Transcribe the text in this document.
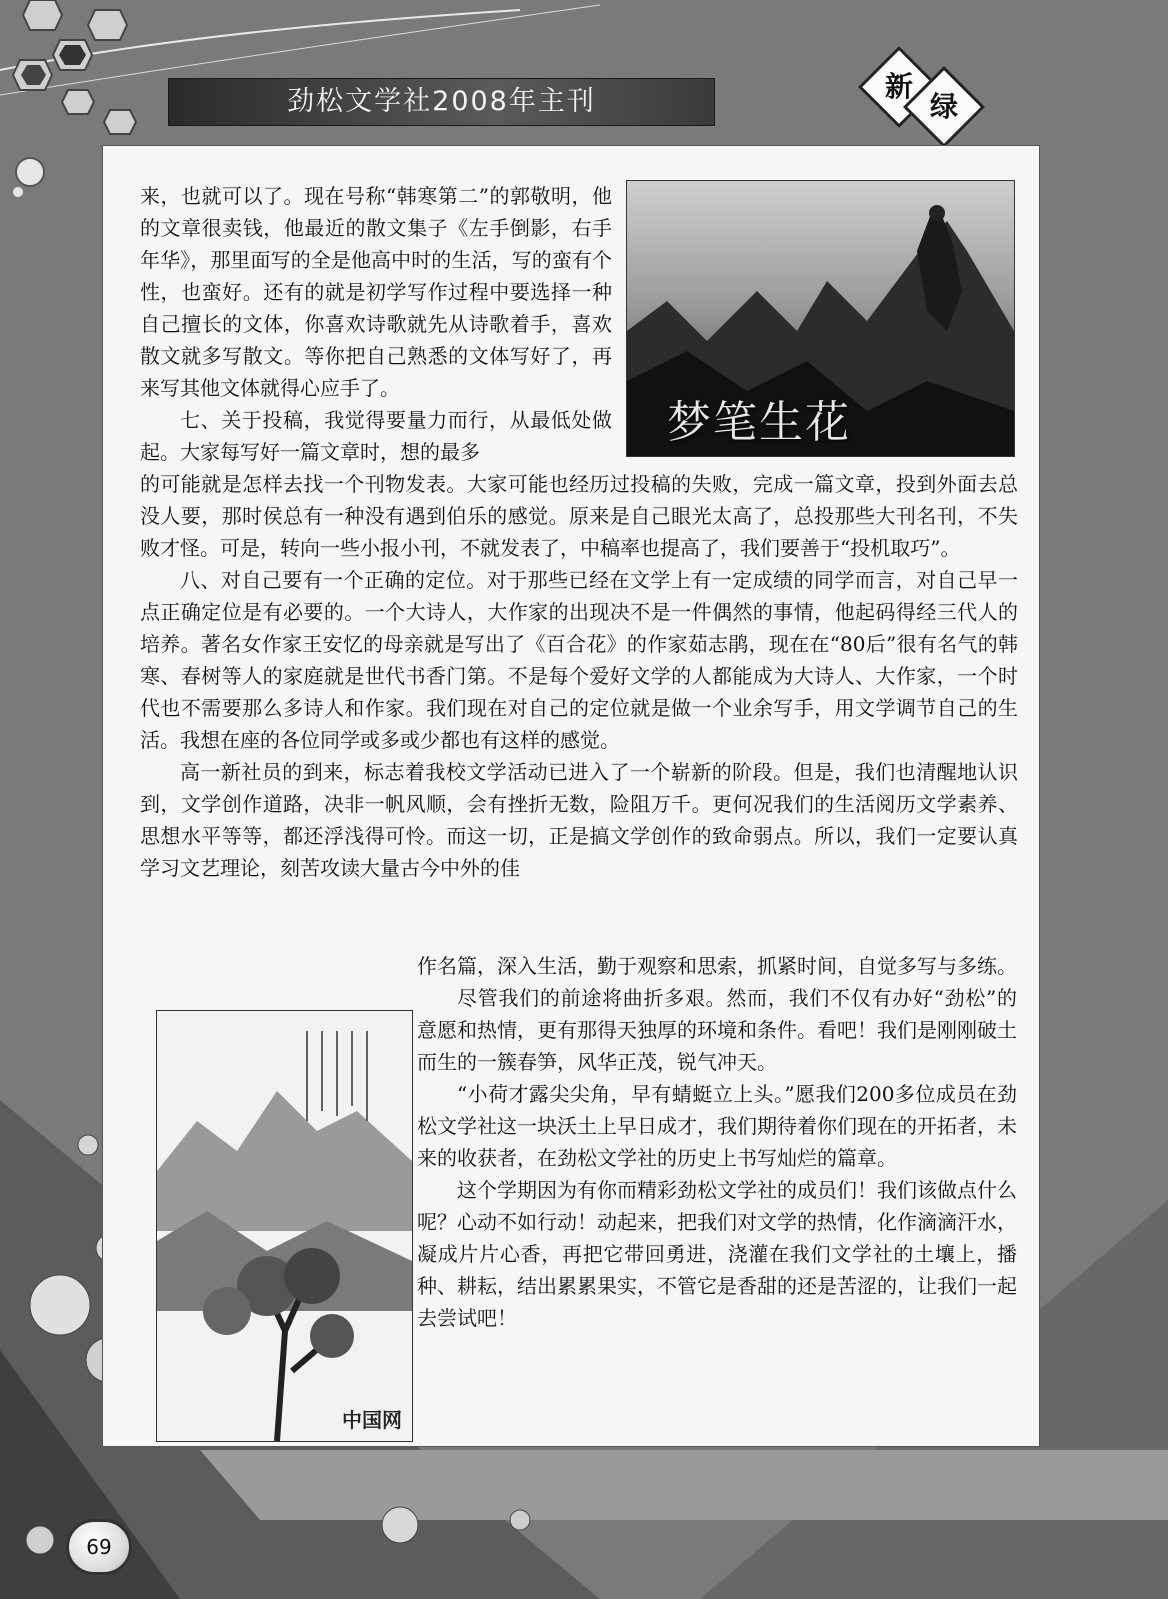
劲松文学社2008年主刊	新
绿
梦笔生花
中国网

来，也就可以了。现在号称“韩寒第二”的郭敬明，他的文章很卖钱，他最近的散文集子《左手倒影，右手年华》，那里面写的全是他高中时的生活，写的蛮有个性，也蛮好。还有的就是初学写作过程中要选择一种自己擅长的文体，你喜欢诗歌就先从诗歌着手，喜欢散文就多写散文。等你把自己熟悉的文体写好了，再来写其他文体就得心应手了。

七、关于投稿，我觉得要量力而行，从最低处做起。大家每写好一篇文章时，想的最多

的可能就是怎样去找一个刊物发表。大家可能也经历过投稿的失败，完成一篇文章，投到外面去总没人要，那时侯总有一种没有遇到伯乐的感觉。原来是自己眼光太高了，总投那些大刊名刊，不失败才怪。可是，转向一些小报小刊，不就发表了，中稿率也提高了，我们要善于“投机取巧”。

八、对自己要有一个正确的定位。对于那些已经在文学上有一定成绩的同学而言，对自己早一点正确定位是有必要的。一个大诗人，大作家的出现决不是一件偶然的事情，他起码得经三代人的培养。著名女作家王安忆的母亲就是写出了《百合花》的作家茹志鹃，现在在“80后”很有名气的韩寒、春树等人的家庭就是世代书香门第。不是每个爱好文学的人都能成为大诗人、大作家，一个时代也不需要那么多诗人和作家。我们现在对自己的定位就是做一个业余写手，用文学调节自己的生活。我想在座的各位同学或多或少都也有这样的感觉。

高一新社员的到来，标志着我校文学活动已进入了一个崭新的阶段。但是，我们也清醒地认识到，文学创作道路，决非一帆风顺，会有挫折无数，险阻万千。更何况我们的生活阅历文学素养、思想水平等等，都还浮浅得可怜。而这一切，正是搞文学创作的致命弱点。所以，我们一定要认真学习文艺理论，刻苦攻读大量古今中外的佳

作名篇，深入生活，勤于观察和思索，抓紧时间，自觉多写与多练。

尽管我们的前途将曲折多艰。然而，我们不仅有办好“劲松”的意愿和热情，更有那得天独厚的环境和条件。看吧！我们是刚刚破土而生的一簇春笋，风华正茂，锐气冲天。

“小荷才露尖尖角，早有蜻蜓立上头。”愿我们200多位成员在劲松文学社这一块沃土上早日成才，我们期待着你们现在的开拓者，未来的收获者，在劲松文学社的历史上书写灿烂的篇章。

这个学期因为有你而精彩劲松文学社的成员们！我们该做点什么呢？心动不如行动！动起来，把我们对文学的热情，化作滴滴汗水，凝成片片心香，再把它带回勇进，浇灌在我们文学社的土壤上，播种、耕耘，结出累累果实，不管它是香甜的还是苦涩的，让我们一起去尝试吧！

69
